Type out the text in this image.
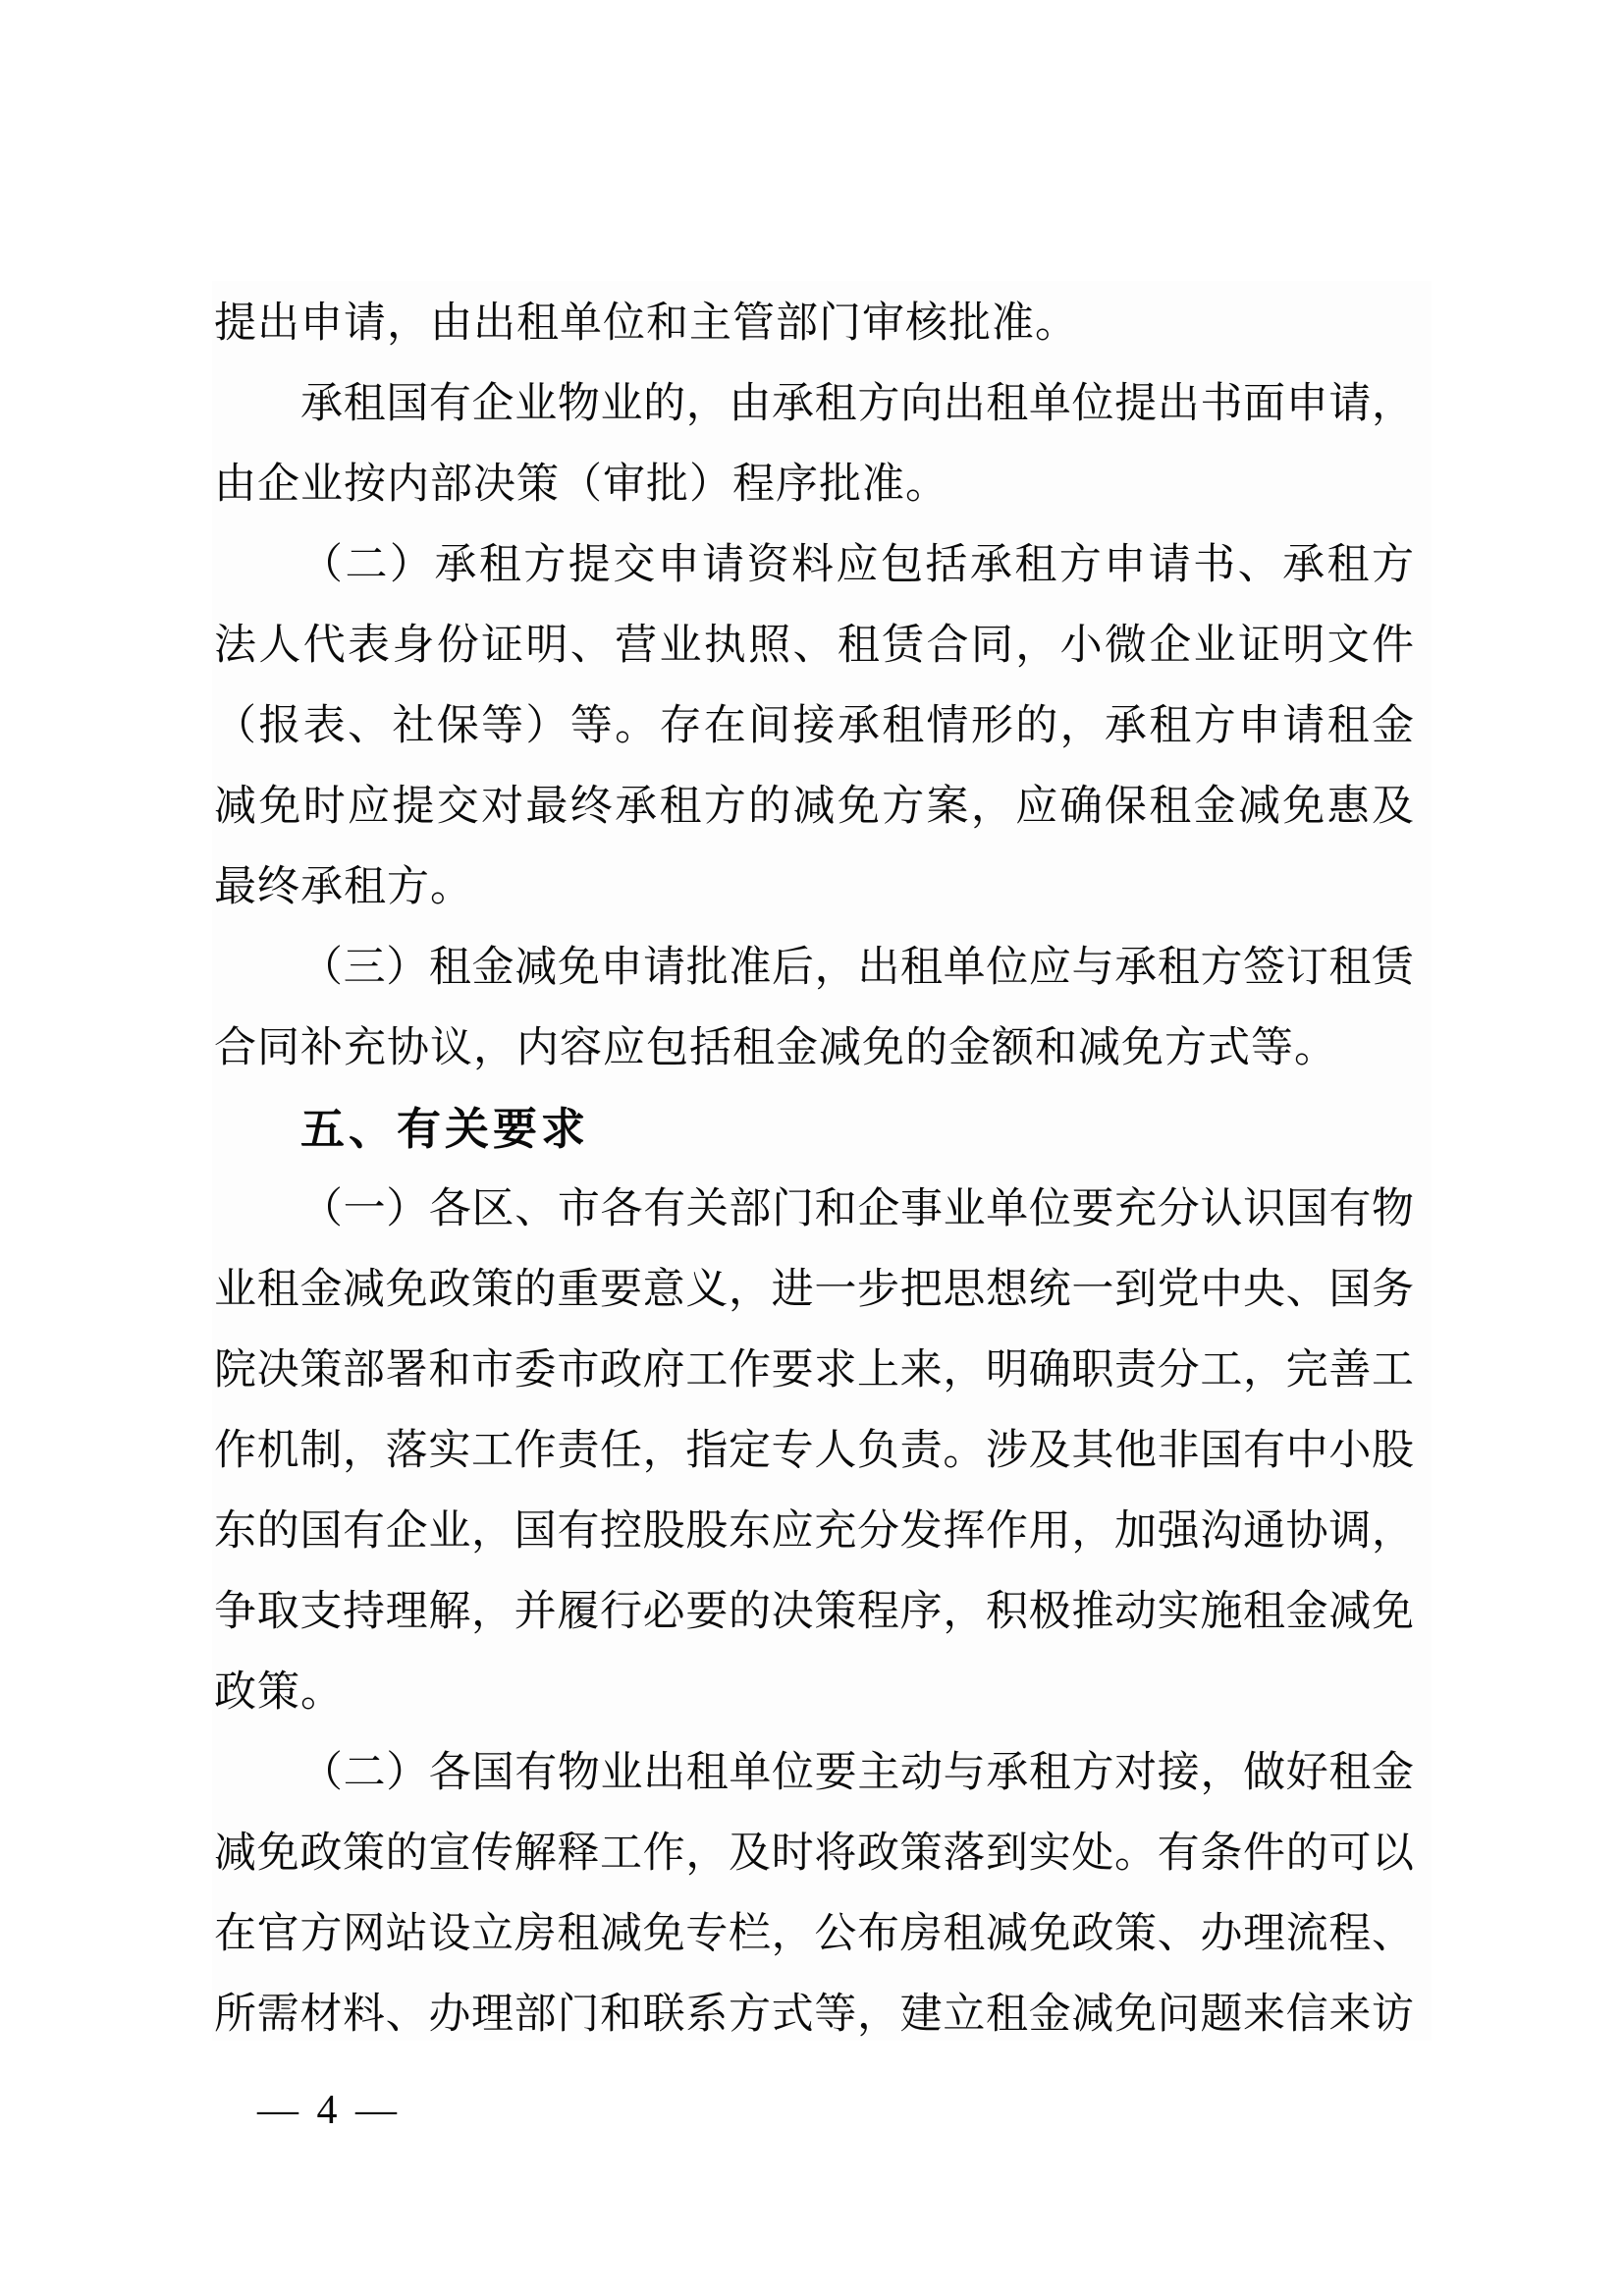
提出申请，由出租单位和主管部门审核批准。
承租国有企业物业的，由承租方向出租单位提出书面申请，
由企业按内部决策（审批）程序批准。
（二）承租方提交申请资料应包括承租方申请书、承租方
法人代表身份证明、营业执照、租赁合同，小微企业证明文件
（报表、社保等）等。存在间接承租情形的，承租方申请租金
减免时应提交对最终承租方的减免方案，应确保租金减免惠及
最终承租方。
（三）租金减免申请批准后，出租单位应与承租方签订租赁
合同补充协议，内容应包括租金减免的金额和减免方式等。
五、有关要求
（一）各区、市各有关部门和企事业单位要充分认识国有物
业租金减免政策的重要意义，进一步把思想统一到党中央、国务
院决策部署和市委市政府工作要求上来，明确职责分工，完善工
作机制，落实工作责任，指定专人负责。涉及其他非国有中小股
东的国有企业，国有控股股东应充分发挥作用，加强沟通协调，
争取支持理解，并履行必要的决策程序，积极推动实施租金减免
政策。
（二）各国有物业出租单位要主动与承租方对接，做好租金
减免政策的宣传解释工作，及时将政策落到实处。有条件的可以
在官方网站设立房租减免专栏，公布房租减免政策、办理流程、
所需材料、办理部门和联系方式等，建立租金减免问题来信来访
— 4 —
